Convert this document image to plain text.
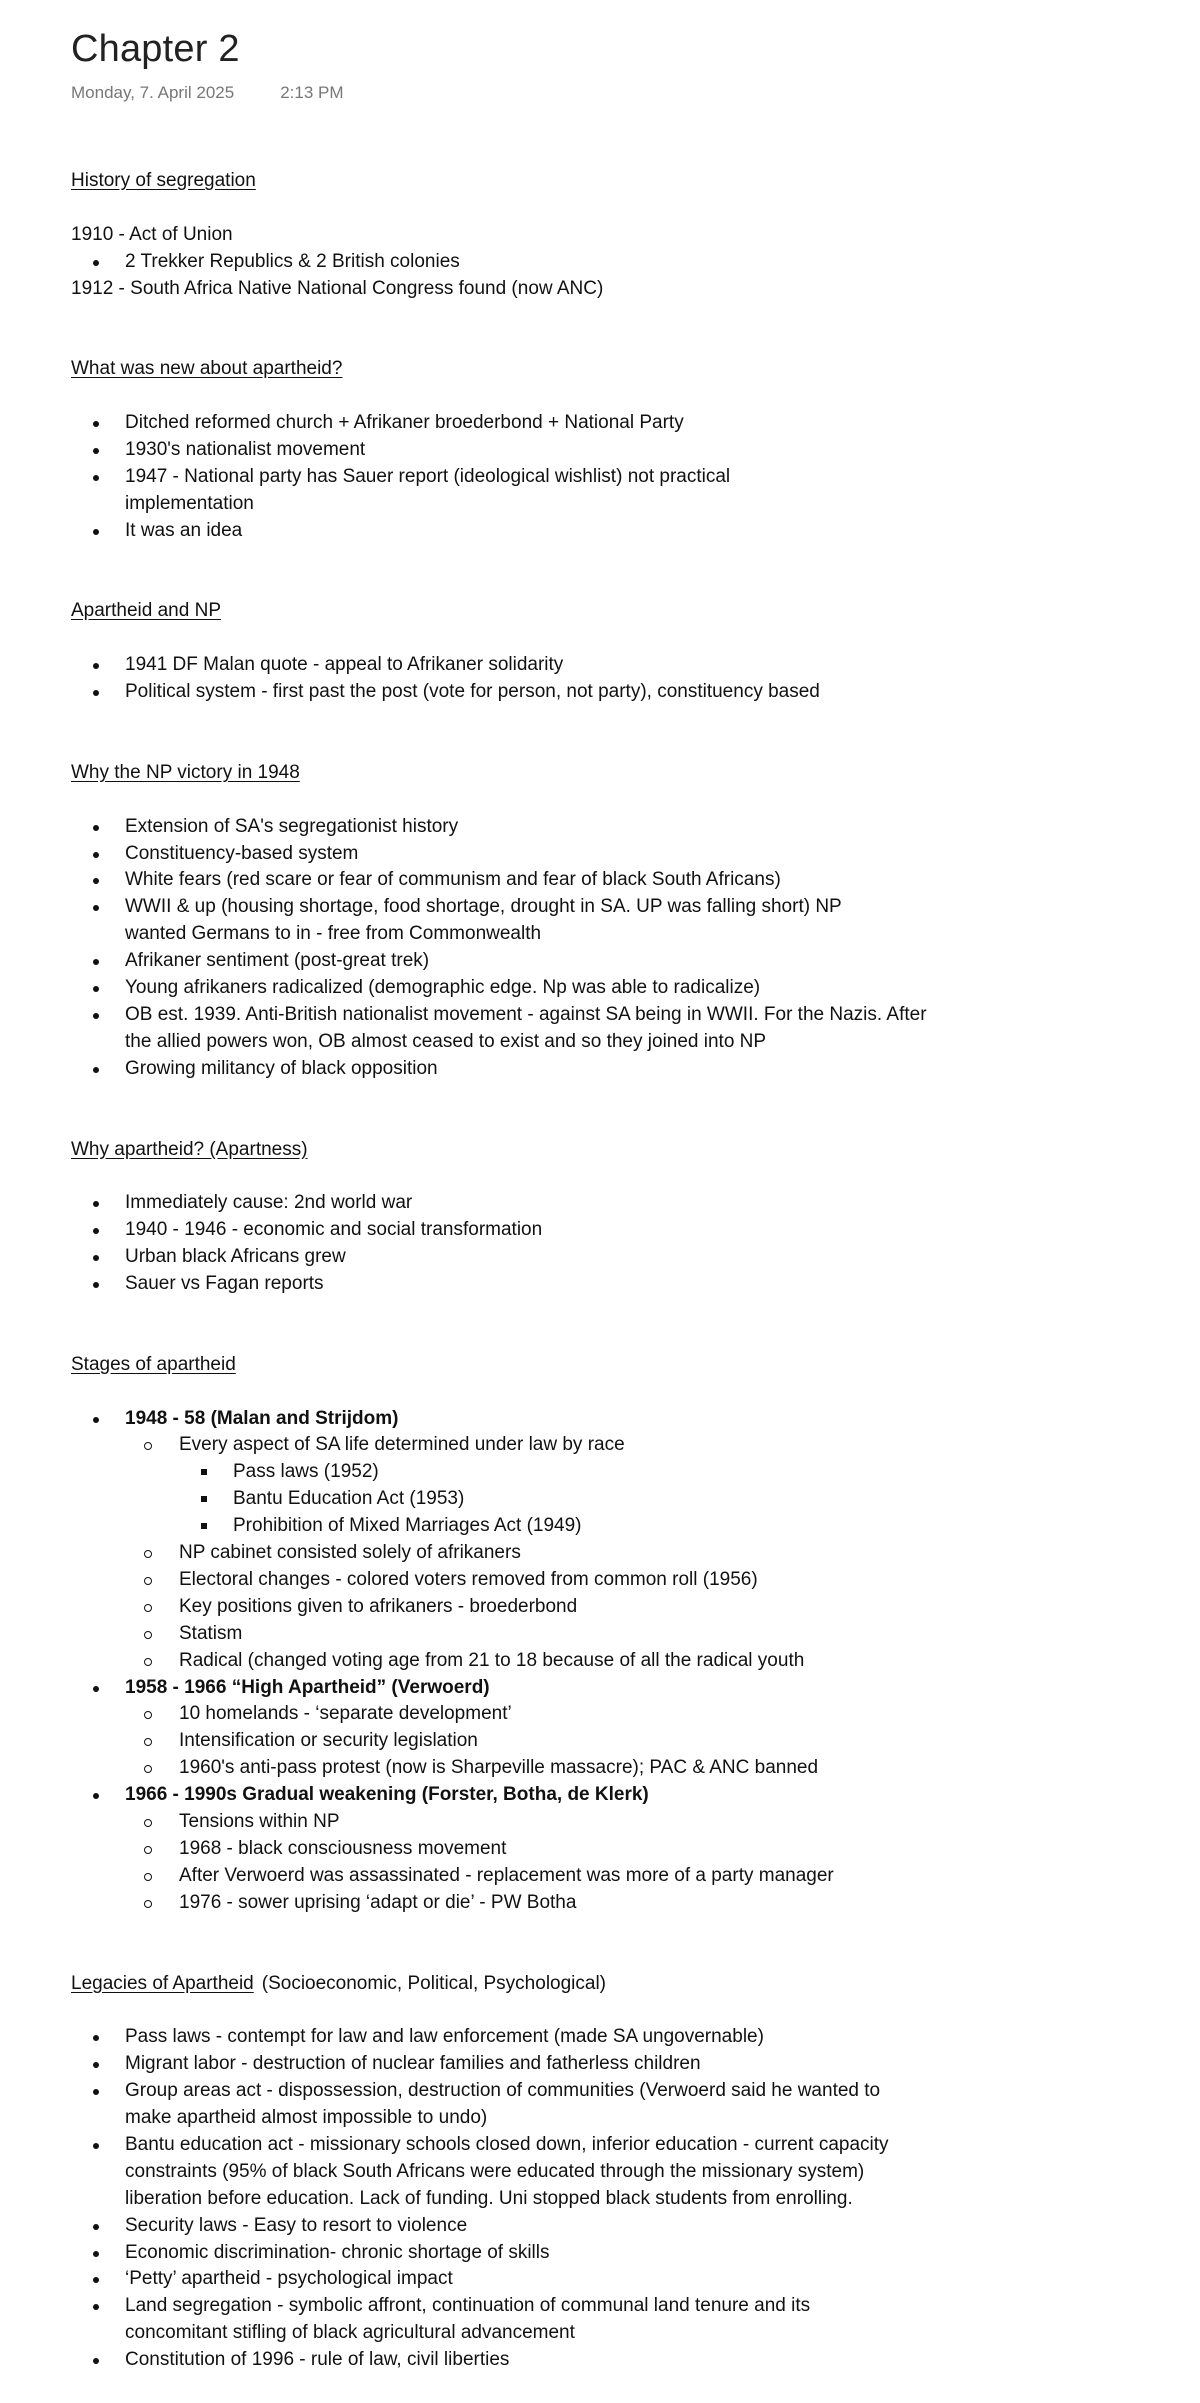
Chapter 2
Monday, 7. April 2025	2:13 PM

History of segregation

1910 - Act of Union

2 Trekker Republics & 2 British colonies

1912 - South Africa Native National Congress found (now ANC)

What was new about apartheid?

Ditched reformed church + Afrikaner broederbond + National Party
1930's nationalist movement
1947 - National party has Sauer report (ideological wishlist) not practical implementation
It was an idea

Apartheid and NP

1941 DF Malan quote - appeal to Afrikaner solidarity
Political system - first past the post (vote for person, not party), constituency based

Why the NP victory in 1948

Extension of SA's segregationist history
Constituency-based system
White fears (red scare or fear of communism and fear of black South Africans)
WWII & up (housing shortage, food shortage, drought in SA. UP was falling short) NP wanted Germans to in - free from Commonwealth
Afrikaner sentiment (post-great trek)
Young afrikaners radicalized (demographic edge. Np was able to radicalize)
OB est. 1939. Anti-British nationalist movement - against SA being in WWII. For the Nazis. After the allied powers won, OB almost ceased to exist and so they joined into NP
Growing militancy of black opposition

Why apartheid? (Apartness)

Immediately cause: 2nd world war
1940 - 1946 - economic and social transformation
Urban black Africans grew
Sauer vs Fagan reports

Stages of apartheid

1948 - 58 (Malan and Strijdom)
Every aspect of SA life determined under law by race
Pass laws (1952)
Bantu Education Act (1953)
Prohibition of Mixed Marriages Act (1949)
NP cabinet consisted solely of afrikaners
Electoral changes - colored voters removed from common roll (1956)
Key positions given to afrikaners - broederbond
Statism
Radical (changed voting age from 21 to 18 because of all the radical youth
1958 - 1966 “High Apartheid” (Verwoerd)
10 homelands - ‘separate development’
Intensification or security legislation
1960's anti-pass protest (now is Sharpeville massacre); PAC & ANC banned
1966 - 1990s Gradual weakening (Forster, Botha, de Klerk)
Tensions within NP
1968 - black consciousness movement
After Verwoerd was assassinated - replacement was more of a party manager
1976 - sower uprising ‘adapt or die’ - PW Botha

Legacies of Apartheid (Socioeconomic, Political, Psychological)

Pass laws - contempt for law and law enforcement (made SA ungovernable)
Migrant labor - destruction of nuclear families and fatherless children
Group areas act - dispossession, destruction of communities (Verwoerd said he wanted to make apartheid almost impossible to undo)
Bantu education act - missionary schools closed down, inferior education - current capacity constraints (95% of black South Africans were educated through the missionary system) liberation before education. Lack of funding. Uni stopped black students from enrolling.
Security laws - Easy to resort to violence
Economic discrimination- chronic shortage of skills
‘Petty’ apartheid - psychological impact
Land segregation - symbolic affront, continuation of communal land tenure and its concomitant stifling of black agricultural advancement
Constitution of 1996 - rule of law, civil liberties
